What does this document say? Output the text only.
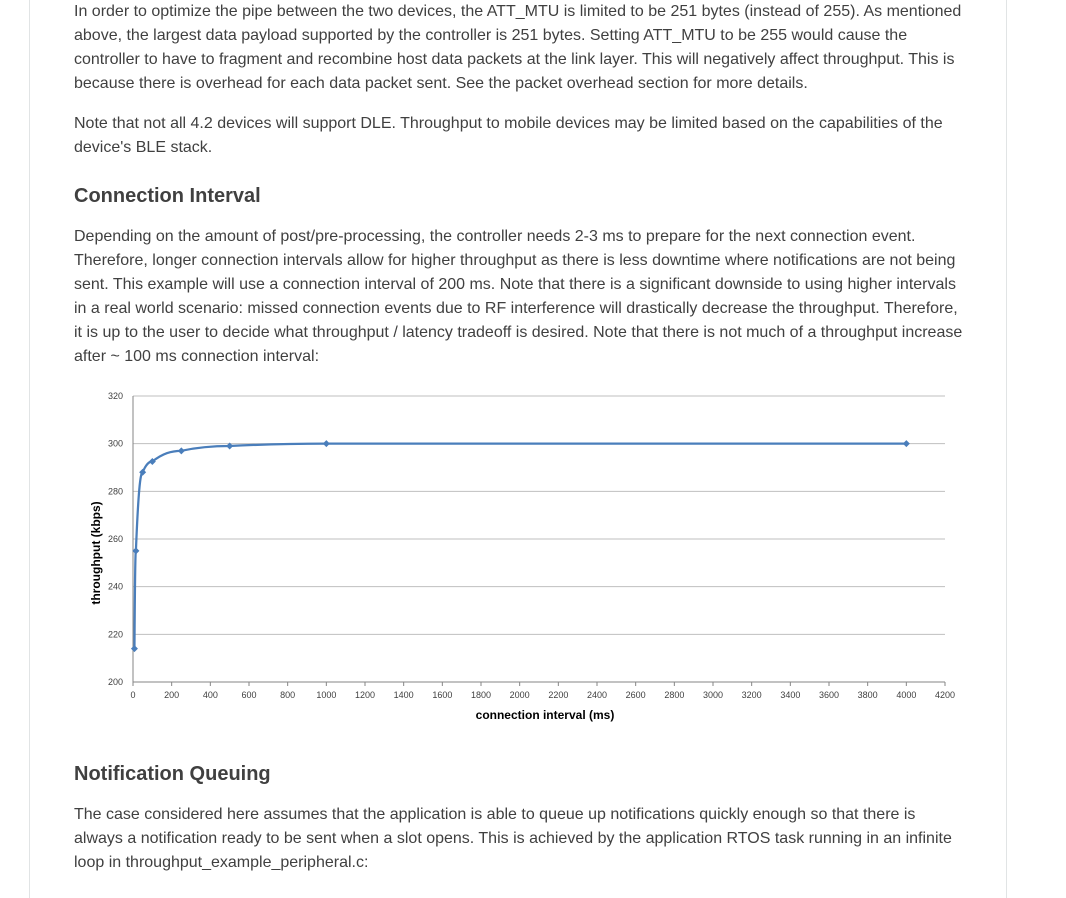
In order to optimize the pipe between the two devices, the ATT_MTU is limited to be 251 bytes (instead of 255). As mentioned above, the largest data payload supported by the controller is 251 bytes. Setting ATT_MTU to be 255 would cause the controller to have to fragment and recombine host data packets at the link layer. This will negatively affect throughput. This is because there is overhead for each data packet sent. See the packet overhead section for more details.

Note that not all 4.2 devices will support DLE. Throughput to mobile devices may be limited based on the capabilities of the device's BLE stack.

Connection Interval

Depending on the amount of post/pre-processing, the controller needs 2-3 ms to prepare for the next connection event. Therefore, longer connection intervals allow for higher throughput as there is less downtime where notifications are not being sent. This example will use a connection interval of 200 ms. Note that there is a significant downside to using higher intervals in a real world scenario: missed connection events due to RF interference will drastically decrease the throughput. Therefore, it is up to the user to decide what throughput / latency tradeoff is desired. Note that there is not much of a throughput increase after ~ 100 ms connection interval:

Notification Queuing

The case considered here assumes that the application is able to queue up notifications quickly enough so that there is always a notification ready to be sent when a slot opens. This is achieved by the application RTOS task running in an infinite loop in throughput_example_peripheral.c:

200
220
240
260
280
300
320
0	200	400	600	800 1000 1200 1400 1600 1800 2000 2200 2400 2600 2800 3000 3200 3400 3600 3800 4000 4200
connection interval (ms)
throughput (kbps)
